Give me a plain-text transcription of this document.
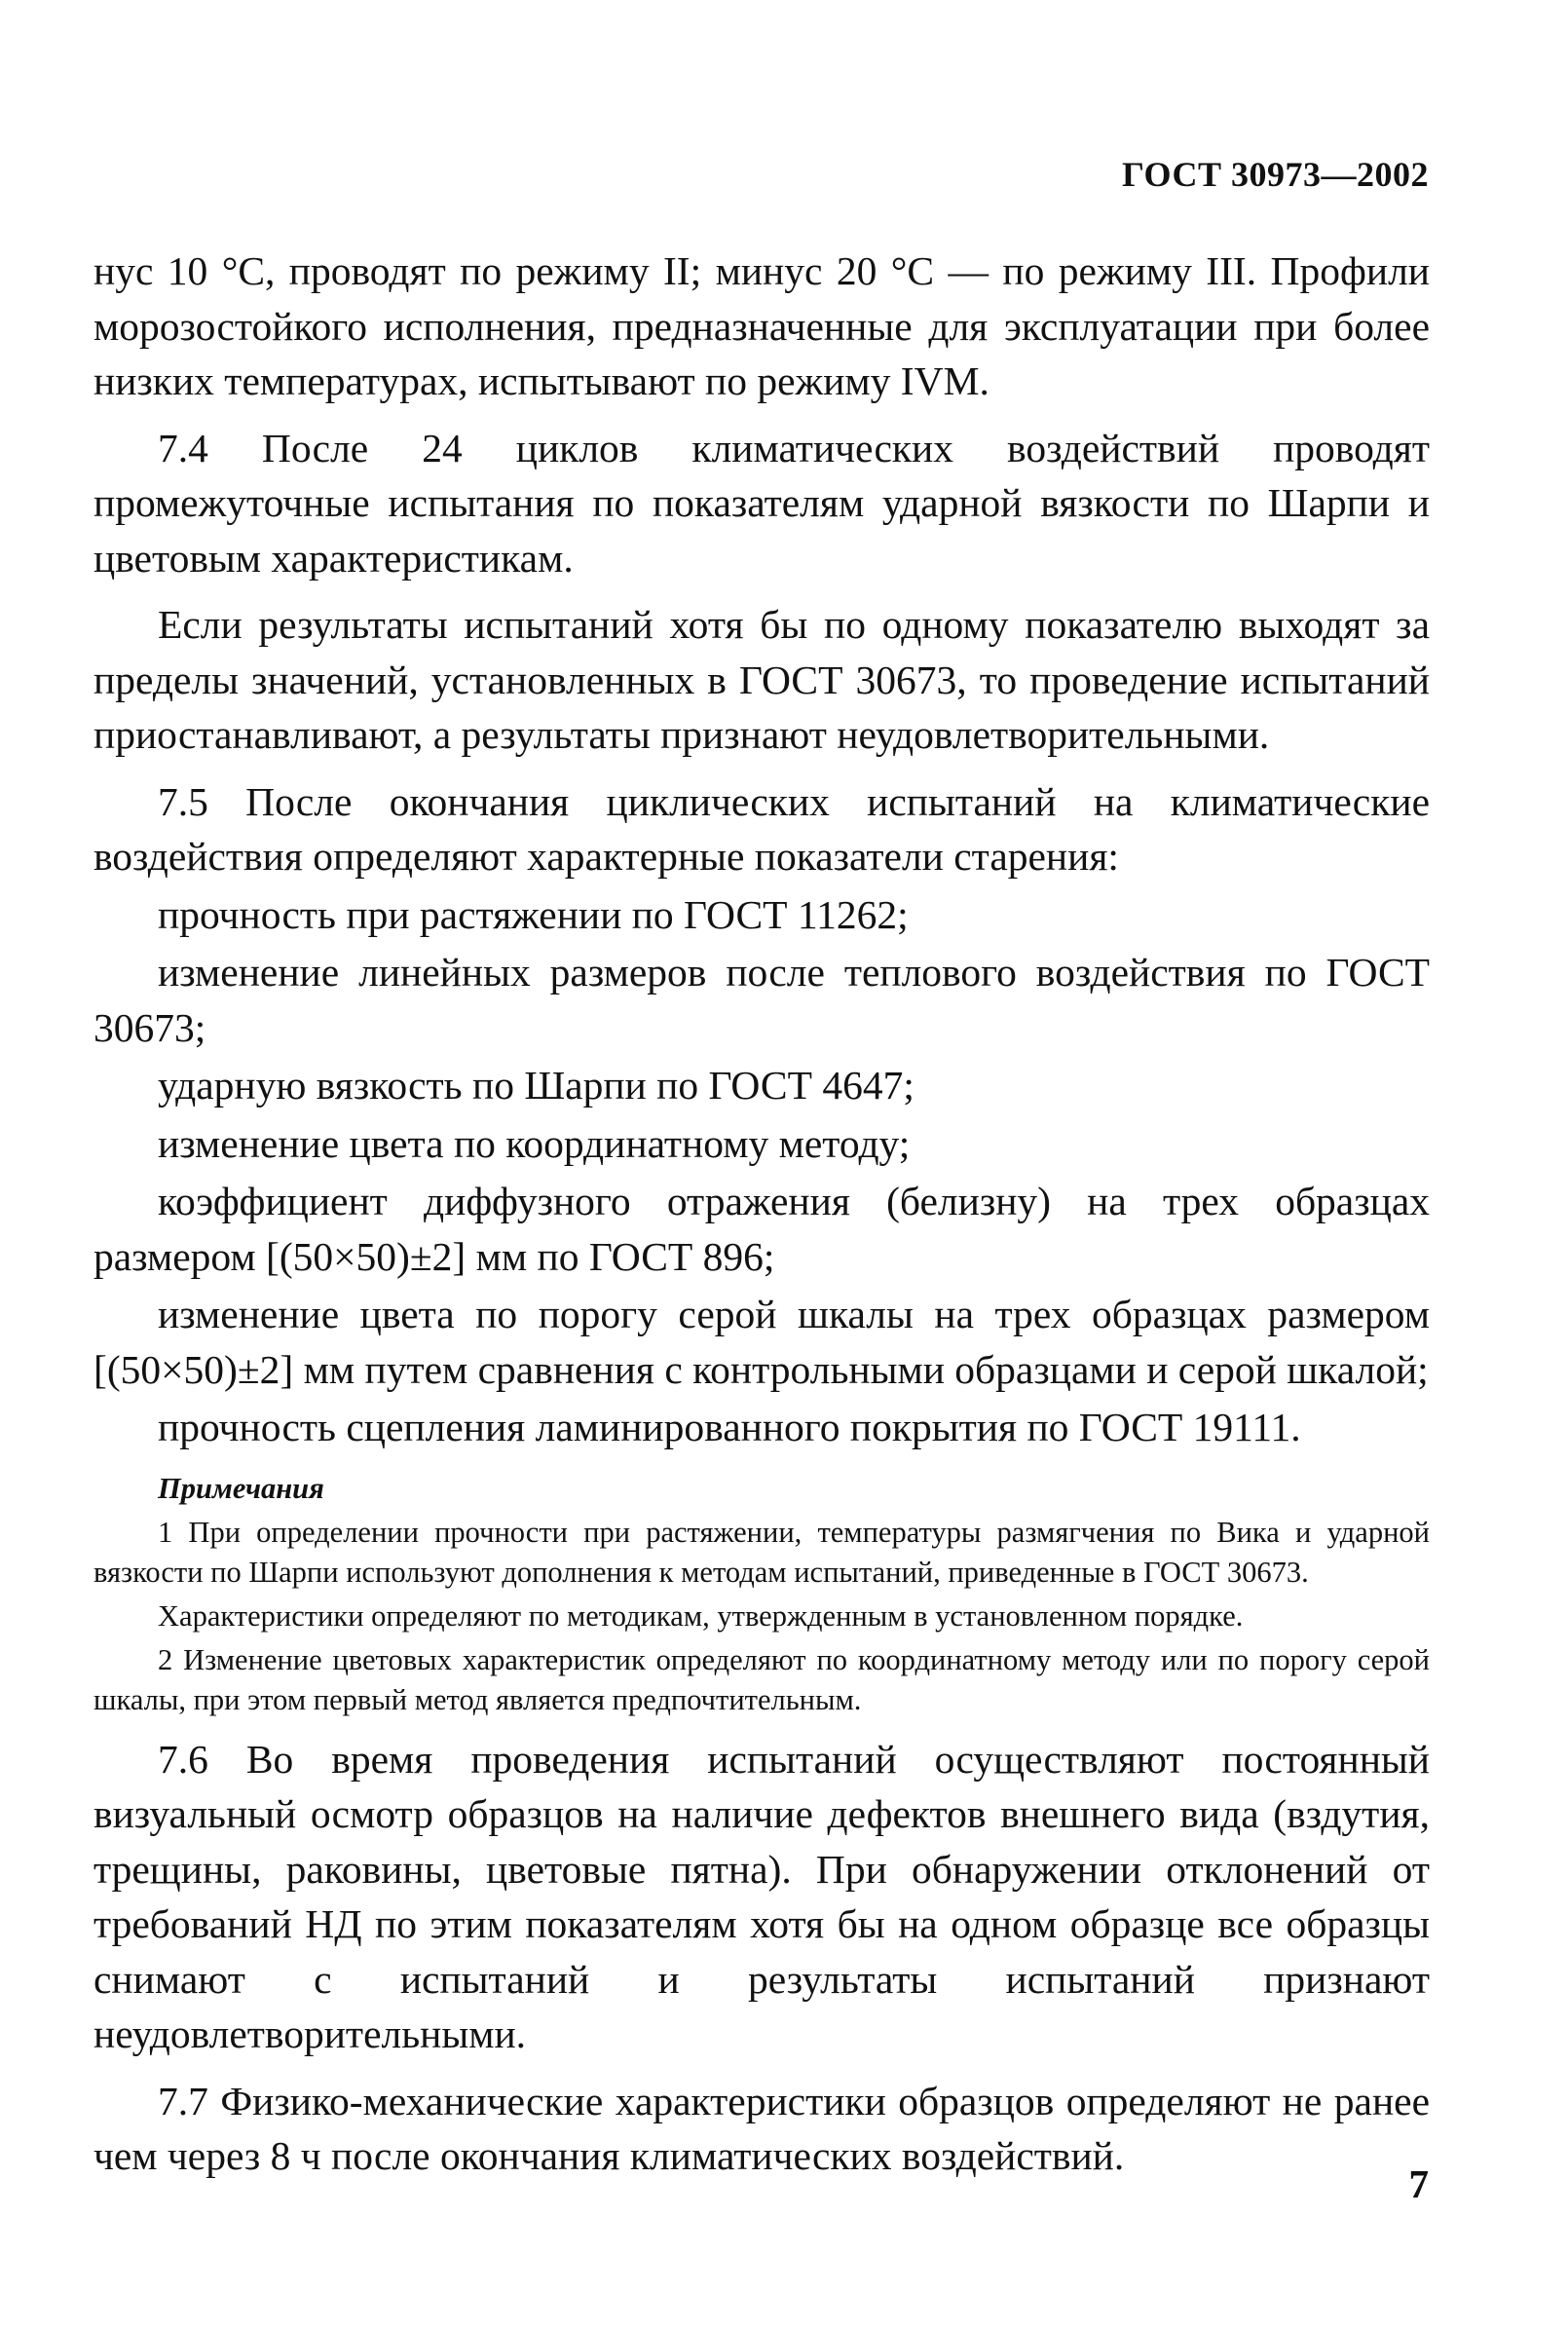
ГОСТ 30973—2002

нус 10 °С, проводят по режиму II; минус 20 °С — по режиму III. Профили морозостойкого исполнения, предназначенные для эксплуатации при более низких температурах, испытывают по режиму IVM.

7.4 После 24 циклов климатических воздействий проводят промежуточные испытания по показателям ударной вязкости по Шарпи и цветовым характеристикам.

Если результаты испытаний хотя бы по одному показателю выходят за пределы значений, установленных в ГОСТ 30673, то проведение испытаний приостанавливают, а результаты признают неудовлетворительными.

7.5 После окончания циклических испытаний на климатические воздействия определяют характерные показатели старения:

прочность при растяжении по ГОСТ 11262;

изменение линейных размеров после теплового воздействия по ГОСТ 30673;

ударную вязкость по Шарпи по ГОСТ 4647;

изменение цвета по координатному методу;

коэффициент диффузного отражения (белизну) на трех образцах размером [(50×50)±2] мм по ГОСТ 896;

изменение цвета по порогу серой шкалы на трех образцах размером [(50×50)±2] мм путем сравнения с контрольными образцами и серой шкалой;

прочность сцепления ламинированного покрытия по ГОСТ 19111.

Примечания

1 При определении прочности при растяжении, температуры размягчения по Вика и ударной вязкости по Шарпи используют дополнения к методам испытаний, приведенные в ГОСТ 30673.

Характеристики определяют по методикам, утвержденным в установленном порядке.

2 Изменение цветовых характеристик определяют по координатному методу или по порогу серой шкалы, при этом первый метод является предпочтительным.

7.6 Во время проведения испытаний осуществляют постоянный визуальный осмотр образцов на наличие дефектов внешнего вида (вздутия, трещины, раковины, цветовые пятна). При обнаружении отклонений от требований НД по этим показателям хотя бы на одном образце все образцы снимают с испытаний и результаты испытаний признают неудовлетворительными.

7.7 Физико-механические характеристики образцов определяют не ранее чем через 8 ч после окончания климатических воздействий.

7
